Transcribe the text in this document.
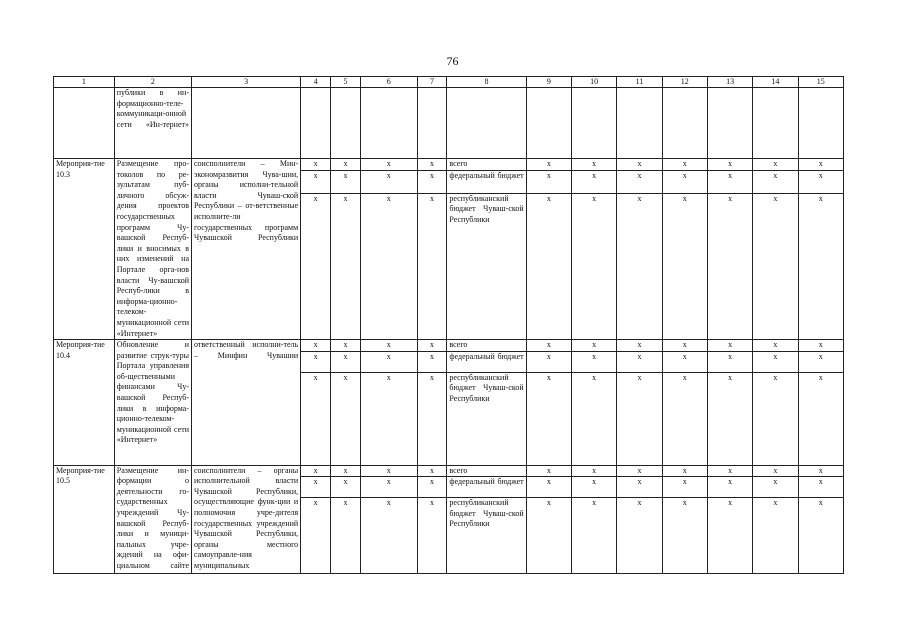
76
1	2	3	4	5	6	7	8	9	10	11	12	13	14	15
	публики в ин-формационно-теле-коммуникаци-онной сети «Ин-тернет»													
Мероприя-тие 10.3	Размещение про-токолов по ре-зультатам пуб-личного обсуж-дения проектов государственных программ Чу-вашской Респуб-лики и вносимых в них изменений на Портале орга-нов власти Чу-вашской Респуб-лики в информа-ционно-телеком-муникационной сети «Интернет»	соисполнители – Мин-экономразвития Чува-шии, органы исполни-тельной власти Чуваш-ской Республики – от-ветственные исполните-ли государственных программ Чувашской Республики	x	x	x	x	всего	x	x	x	x	x	x	x
			x	x	x	x	федеральный бюджет	x	x	x	x	x	x	x
			x	x	x	x	республиканский бюджет Чуваш-ской Республики	x	x	x	x	x	x	x
Мероприя-тие 10.4	Обновление и развитие струк-туры Портала управления об-щественными финансами Чу-вашской Респуб-лики в информа-ционно-телеком-муникационной сети «Интернет»	ответственный исполни-тель – Минфин Чувашии	x	x	x	x	всего	x	x	x	x	x	x	x
			x	x	x	x	федеральный бюджет	x	x	x	x	x	x	x
			x	x	x	x	республиканский бюджет Чуваш-ской Республики	x	x	x	x	x	x	x
Мероприя-тие 10.5	Размещение ин-формации о деятельности го-сударственных учреждений Чу-вашской Респуб-лики и муници-пальных учре-ждений на офи-циальном сайте	соисполнители – органы исполнительной власти Чувашской Республики, осуществляющие функ-ции и полномочия учре-дителя государственных учреждений Чувашской Республики, органы местного самоуправле-ния муниципальных	x	x	x	x	всего	x	x	x	x	x	x	x
			x	x	x	x	федеральный бюджет	x	x	x	x	x	x	x
			x	x	x	x	республиканский бюджет Чуваш-ской Республики	x	x	x	x	x	x	x
